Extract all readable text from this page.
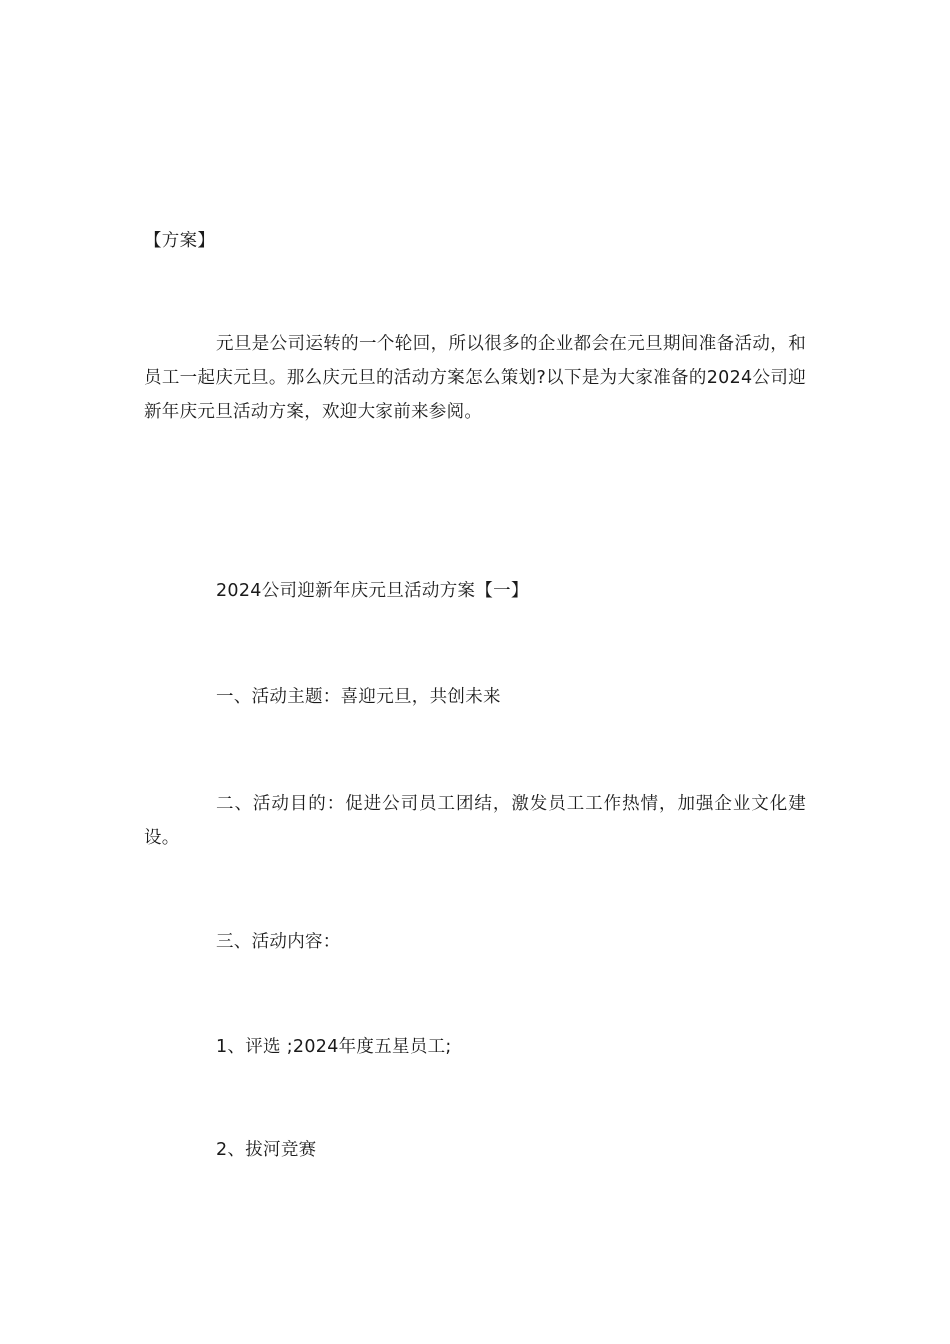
【方案】
元旦是公司运转的一个轮回，所以很多的企业都会在元旦期间准备活动，和员工一起庆元旦。那么庆元旦的活动方案怎么策划?以下是为大家准备的2024公司迎新年庆元旦活动方案，欢迎大家前来参阅。
2024公司迎新年庆元旦活动方案【一】
一、活动主题：喜迎元旦，共创未来
二、活动目的：促进公司员工团结，激发员工工作热情，加强企业文化建设。
三、活动内容：
1、评选 ;2024年度五星员工;
2、拔河竞赛
